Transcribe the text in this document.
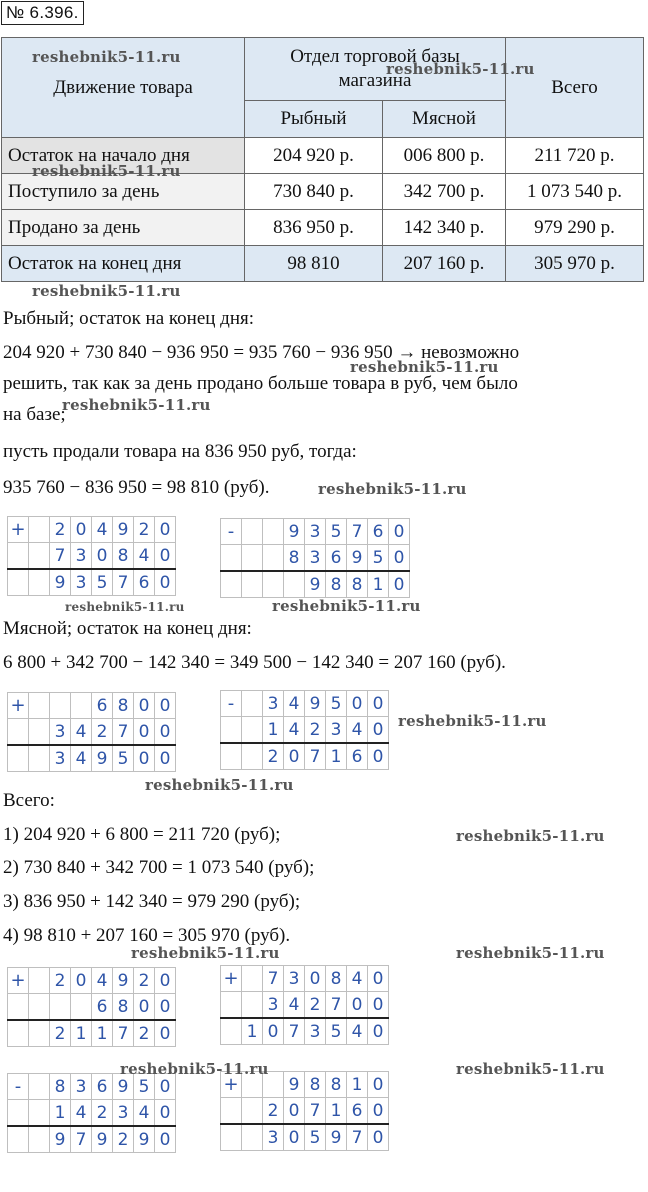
№ 6.396.
Движение товара	Отдел торговой базы магазина		Всего
	Рыбный	Мясной	
Остаток на начало дня	204 920 р.	006 800 р.	211 720 р.
Поступило за день	730 840 р.	342 700 р.	1 073 540 р.
Продано за день	836 950 р.	142 340 р.	979 290 р.
Остаток на конец дня	98 810	207 160 р.	305 970 р.
Рыбный; остаток на конец дня:
204 920 + 730 840 − 936 950 = 935 760 − 936 950 → невозможно
решить, так как за день продано больше товара в руб, чем было
на базе;
пусть продали товара на 836 950 руб, тогда:
935 760 − 836 950 = 98 810 (руб).
Мясной; остаток на конец дня:
6 800 + 342 700 − 142 340 = 349 500 − 142 340 = 207 160 (руб).
Всего:
1) 204 920 + 6 800 = 211 720 (руб);
2) 730 840 + 342 700 = 1 073 540 (руб);
3) 836 950 + 142 340 = 979 290 (руб);
4) 98 810 + 207 160 = 305 970 (руб).
+		2	0	4	9	2	0
		7	3	0	8	4	0
		9	3	5	7	6	0
-			9	3	5	7	6	0
			8	3	6	9	5	0
				9	8	8	1	0
+				6	8	0	0
		3	4	2	7	0	0
		3	4	9	5	0	0
-		3	4	9	5	0	0
		1	4	2	3	4	0
		2	0	7	1	6	0
+		2	0	4	9	2	0
				6	8	0	0
		2	1	1	7	2	0
+		7	3	0	8	4	0
		3	4	2	7	0	0
	1	0	7	3	5	4	0
-		8	3	6	9	5	0
		1	4	2	3	4	0
		9	7	9	2	9	0
+			9	8	8	1	0
		2	0	7	1	6	0
		3	0	5	9	7	0
reshebnik5-11.ru
reshebnik5-11.ru
reshebnik5-11.ru
reshebnik5-11.ru
reshebnik5-11.ru
reshebnik5-11.ru
reshebnik5-11.ru
reshebnik5-11.ru	reshebnik5-11.ru
reshebnik5-11.ru
reshebnik5-11.ru
reshebnik5-11.ru
reshebnik5-11.ru	reshebnik5-11.ru
reshebnik5-11.ru	reshebnik5-11.ru
